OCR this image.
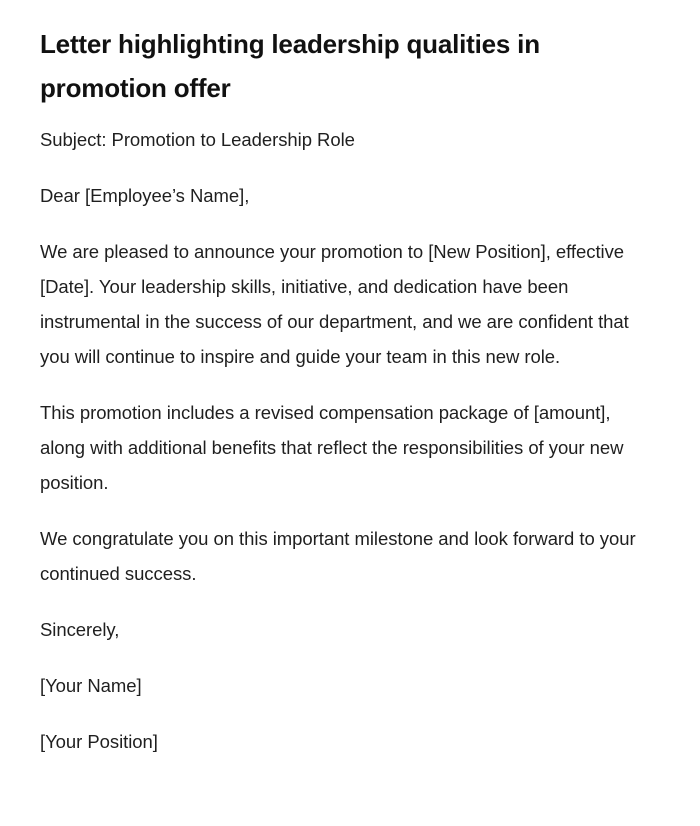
Letter highlighting leadership qualities in promotion offer

Subject: Promotion to Leadership Role

Dear [Employee’s Name],

We are pleased to announce your promotion to [New Position], effective [Date]. Your leadership skills, initiative, and dedication have been instrumental in the success of our department, and we are confident that you will continue to inspire and guide your team in this new role.

This promotion includes a revised compensation package of [amount], along with additional benefits that reflect the responsibilities of your new position.

We congratulate you on this important milestone and look forward to your continued success.

Sincerely,

[Your Name]

[Your Position]
